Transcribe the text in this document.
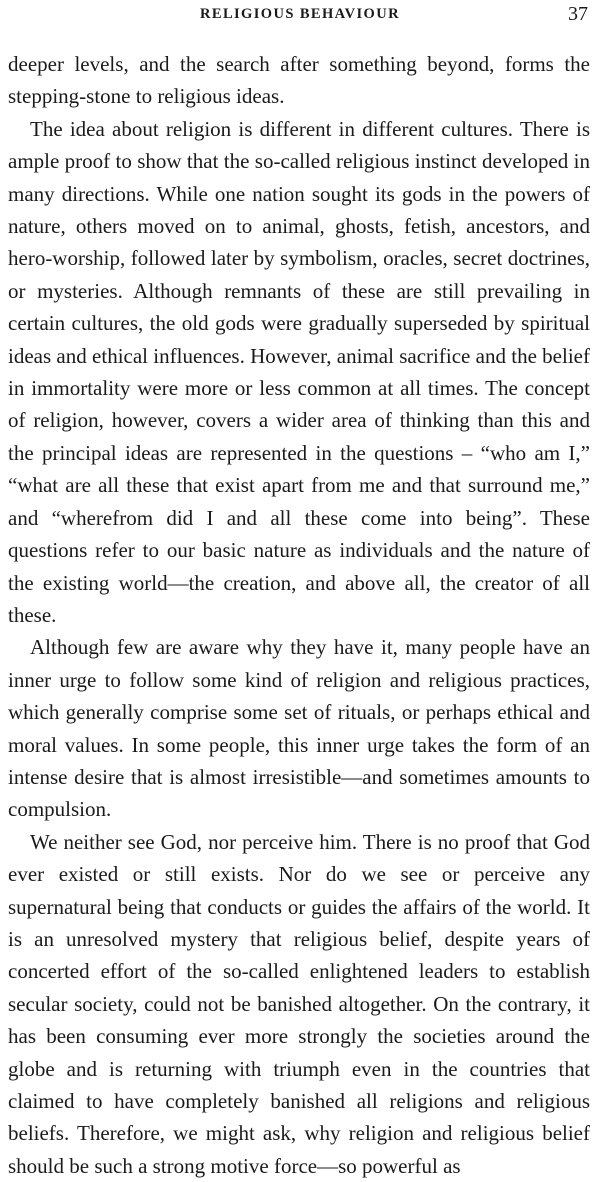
RELIGIOUS BEHAVIOUR	37

deeper levels, and the search after something beyond, forms the stepping-stone to religious ideas.

The idea about religion is different in different cultures. There is ample proof to show that the so-called religious instinct developed in many directions. While one nation sought its gods in the powers of nature, others moved on to animal, ghosts, fetish, ancestors, and hero-worship, followed later by symbolism, oracles, secret doctrines, or mysteries. Although remnants of these are still prevailing in certain cultures, the old gods were gradually superseded by spiritual ideas and ethical influences. However, animal sacrifice and the belief in immortality were more or less common at all times. The concept of religion, however, covers a wider area of thinking than this and the principal ideas are represented in the questions – “who am I,” “what are all these that exist apart from me and that surround me,” and “wherefrom did I and all these come into being”. These questions refer to our basic nature as individuals and the nature of the existing world—the creation, and above all, the creator of all these.

Although few are aware why they have it, many people have an inner urge to follow some kind of religion and religious practices, which generally comprise some set of rituals, or perhaps ethical and moral values. In some people, this inner urge takes the form of an intense desire that is almost irresistible—and sometimes amounts to compulsion.

We neither see God, nor perceive him. There is no proof that God ever existed or still exists. Nor do we see or perceive any supernatural being that conducts or guides the affairs of the world. It is an unresolved mystery that religious belief, despite years of concerted effort of the so-called enlightened leaders to establish secular society, could not be banished altogether. On the contrary, it has been consuming ever more strongly the societies around the globe and is returning with triumph even in the countries that claimed to have completely banished all religions and religious beliefs. Therefore, we might ask, why religion and religious belief should be such a strong motive force—so powerful as
